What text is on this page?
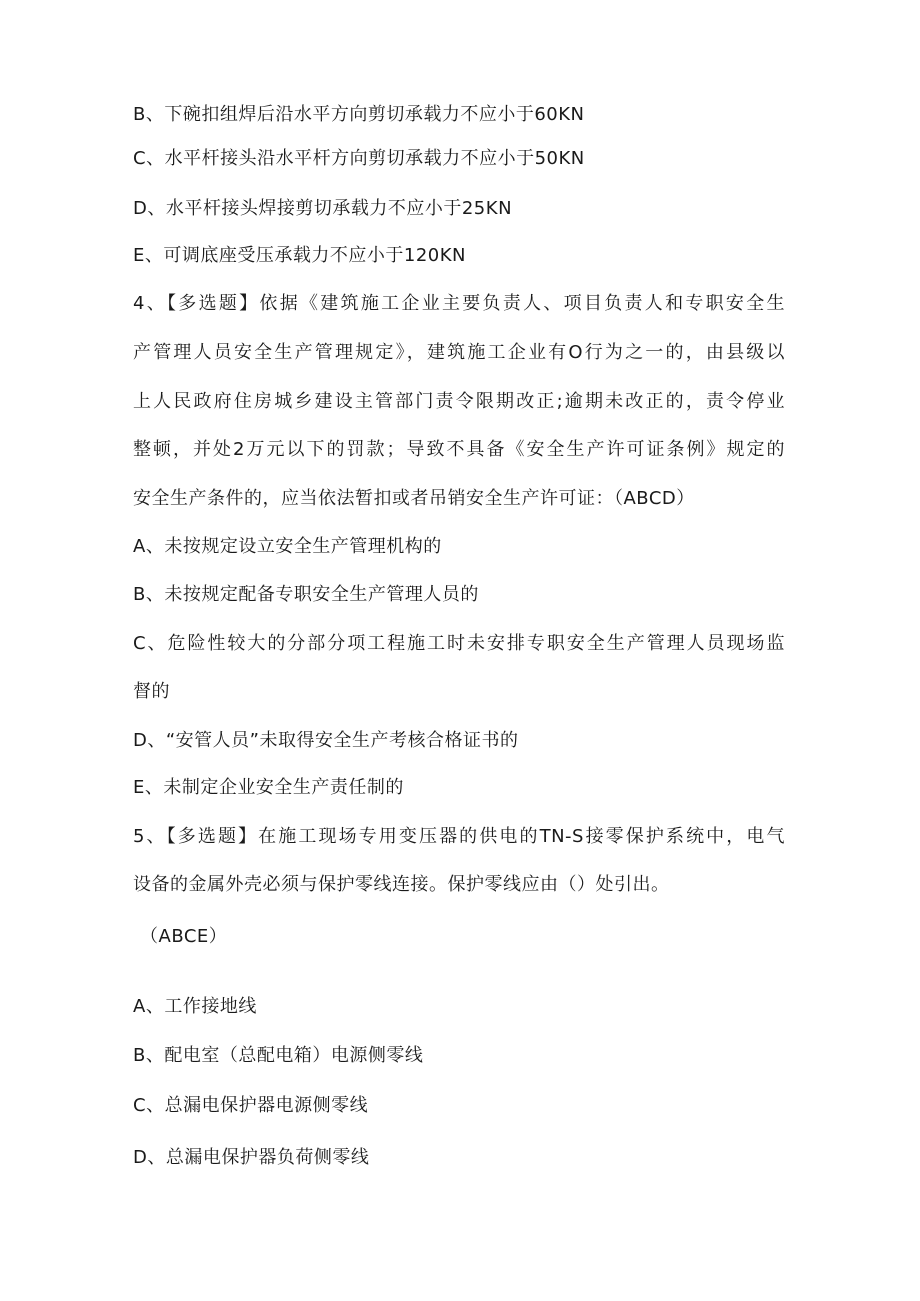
B、下碗扣组焊后沿水平方向剪切承载力不应小于60KN
C、水平杆接头沿水平杆方向剪切承载力不应小于50KN
D、水平杆接头焊接剪切承载力不应小于25KN
E、可调底座受压承载力不应小于120KN
4、【多选题】依据《建筑施工企业主要负责人、项目负责人和专职安全生
产管理人员安全生产管理规定》，建筑施工企业有O行为之一的，由县级以
上人民政府住房城乡建设主管部门责令限期改正;逾期未改正的，责令停业
整顿，并处2万元以下的罚款；导致不具备《安全生产许可证条例》规定的
安全生产条件的，应当依法暂扣或者吊销安全生产许可证：（ABCD）
A、未按规定设立安全生产管理机构的
B、未按规定配备专职安全生产管理人员的
C、危险性较大的分部分项工程施工时未安排专职安全生产管理人员现场监
督的
D、“安管人员”未取得安全生产考核合格证书的
E、未制定企业安全生产责任制的
5、【多选题】在施工现场专用变压器的供电的TN-S接零保护系统中，电气
设备的金属外壳必须与保护零线连接。保护零线应由（）处引出。
（ABCE）
A、工作接地线
B、配电室（总配电箱）电源侧零线
C、总漏电保护器电源侧零线
D、总漏电保护器负荷侧零线
